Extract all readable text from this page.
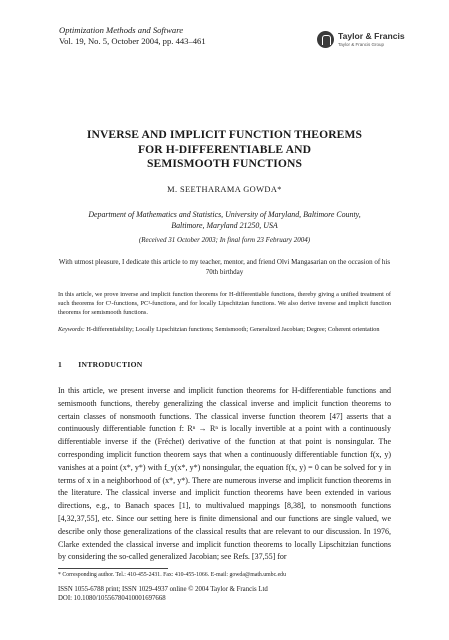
Optimization Methods and Software
Vol. 19, No. 5, October 2004, pp. 443–461	Taylor & Francis
Taylor & Francis Group
INVERSE AND IMPLICIT FUNCTION THEOREMS
FOR H-DIFFERENTIABLE AND
SEMISMOOTH FUNCTIONS
M. SEETHARAMA GOWDA*
Department of Mathematics and Statistics, University of Maryland, Baltimore County,
Baltimore, Maryland 21250, USA
(Received 31 October 2003; In final form 23 February 2004)
With utmost pleasure, I dedicate this article to my teacher, mentor, and friend Olvi Mangasarian on the occasion of his 70th birthday
In this article, we prove inverse and implicit function theorems for H-differentiable functions, thereby giving a unified treatment of such theorems for C¹-functions, PC¹-functions, and for locally Lipschitzian functions. We also derive inverse and implicit function theorems for semismooth functions.
Keywords: H-differentiability; Locally Lipschitzian functions; Semismooth; Generalized Jacobian; Degree; Coherent orientation
1 INTRODUCTION

In this article, we present inverse and implicit function theorems for H-differentiable functions and semismooth functions, thereby generalizing the classical inverse and implicit function theorems to certain classes of nonsmooth functions. The classical inverse function theorem [47] asserts that a continuously differentiable function f: Rⁿ → Rⁿ is locally invertible at a point with a continuously differentiable inverse if the (Fréchet) derivative of the function at that point is nonsingular. The corresponding implicit function theorem says that when a continuously differentiable function f(x, y) vanishes at a point (x*, y*) with f_y(x*, y*) nonsingular, the equation f(x, y) = 0 can be solved for y in terms of x in a neighborhood of (x*, y*). There are numerous inverse and implicit function theorems in the literature. The classical inverse and implicit function theorems have been extended in various directions, e.g., to Banach spaces [1], to multivalued mappings [8,38], to nonsmooth functions [4,32,37,55], etc. Since our setting here is finite dimensional and our functions are single valued, we describe only those generalizations of the classical results that are relevant to our discussion. In 1976, Clarke extended the classical inverse and implicit function theorems to locally Lipschitzian functions by considering the so-called generalized Jacobian; see Refs. [37,55] for

* Corresponding author. Tel.: 410-455-2431. Fax: 410-455-1066. E-mail: gowda@math.umbc.edu
ISSN 1055-6788 print; ISSN 1029-4937 online © 2004 Taylor & Francis Ltd
DOI: 10.1080/10556780410001697668
